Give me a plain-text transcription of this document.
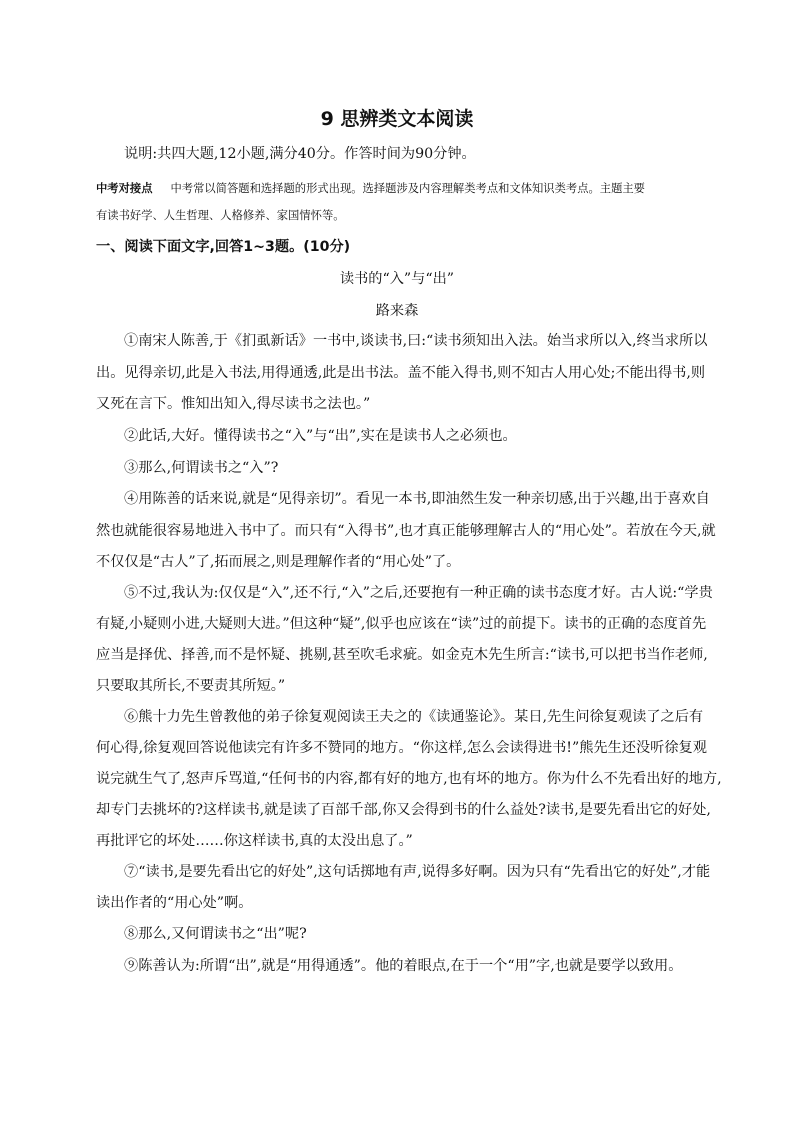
9 思辨类文本阅读
说明:共四大题,12小题,满分40分。作答时间为90分钟。
中考对接点 中考常以简答题和选择题的形式出现。选择题涉及内容理解类考点和文体知识类考点。主题主要
有读书好学、人生哲理、人格修养、家国情怀等。
一、阅读下面文字,回答1~3题。(10分)
读书的“入”与“出”
路来森
①南宋人陈善,于《扪虱新话》一书中,谈读书,曰:“读书须知出入法。始当求所以入,终当求所以
出。见得亲切,此是入书法,用得通透,此是出书法。盖不能入得书,则不知古人用心处;不能出得书,则
又死在言下。惟知出知入,得尽读书之法也。”
②此话,大好。懂得读书之“入”与“出”,实在是读书人之必须也。
③那么,何谓读书之“入”?
④用陈善的话来说,就是“见得亲切”。看见一本书,即油然生发一种亲切感,出于兴趣,出于喜欢自
然也就能很容易地进入书中了。而只有“入得书”,也才真正能够理解古人的“用心处”。若放在今天,就
不仅仅是“古人”了,拓而展之,则是理解作者的“用心处”了。
⑤不过,我认为:仅仅是“入”,还不行,“入”之后,还要抱有一种正确的读书态度才好。古人说:“学贵
有疑,小疑则小进,大疑则大进。”但这种“疑”,似乎也应该在“读”过的前提下。读书的正确的态度首先
应当是择优、择善,而不是怀疑、挑剔,甚至吹毛求疵。如金克木先生所言:“读书,可以把书当作老师,
只要取其所长,不要责其所短。”
⑥熊十力先生曾教他的弟子徐复观阅读王夫之的《读通鉴论》。某日,先生问徐复观读了之后有
何心得,徐复观回答说他读完有许多不赞同的地方。“你这样,怎么会读得进书!”熊先生还没听徐复观
说完就生气了,怒声斥骂道,“任何书的内容,都有好的地方,也有坏的地方。你为什么不先看出好的地方,
却专门去挑坏的?这样读书,就是读了百部千部,你又会得到书的什么益处?读书,是要先看出它的好处,
再批评它的坏处……你这样读书,真的太没出息了。”
⑦“读书,是要先看出它的好处”,这句话掷地有声,说得多好啊。因为只有“先看出它的好处”,才能
读出作者的“用心处”啊。
⑧那么,又何谓读书之“出”呢?
⑨陈善认为:所谓“出”,就是“用得通透”。他的着眼点,在于一个“用”字,也就是要学以致用。
